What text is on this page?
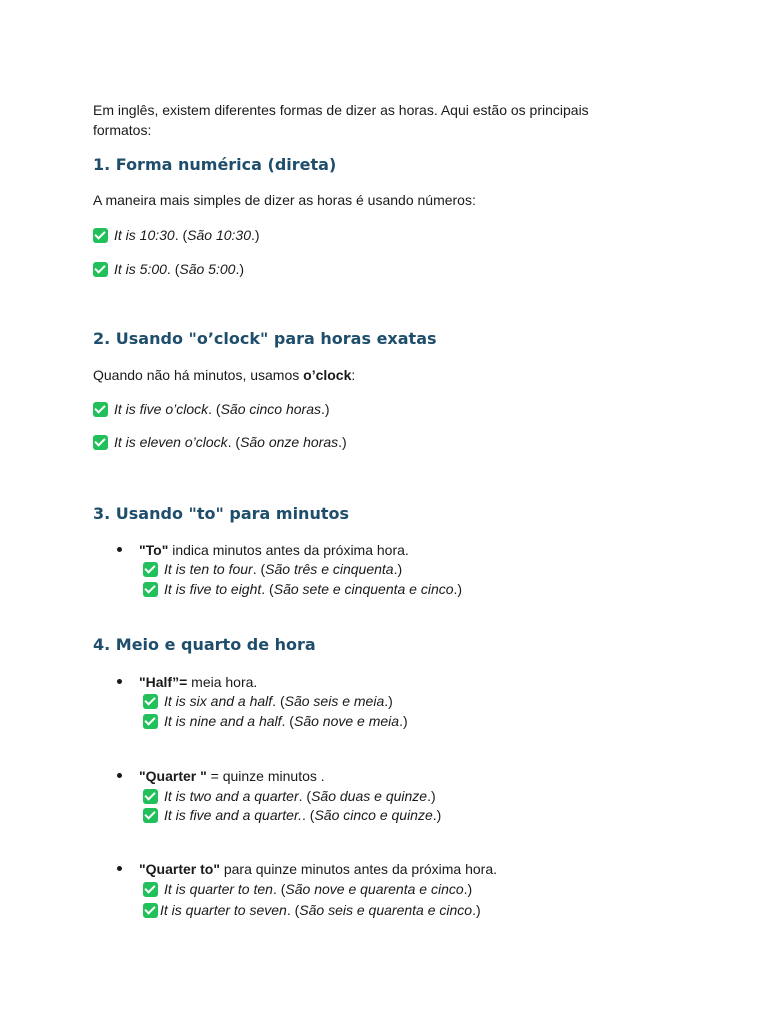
Em inglês, existem diferentes formas de dizer as horas. Aqui estão os principais

formatos:

1. Forma numérica (direta)

A maneira mais simples de dizer as horas é usando números:

It is 10:30 . ( São 10:30 .)
It is 5:00 . ( São 5:00 .)
2. Usando "o’clock" para horas exatas

Quando não há minutos, usamos o’clock:

It is five o’clock . ( São cinco horas .)
It is eleven o’clock . ( São onze horas .)
3. Usando "to" para minutos

"To" indica minutos antes da próxima hora.

It is ten to four . ( São três e cinquenta .)
It is five to eight . ( São sete e cinquenta e cinco .)
4. Meio e quarto de hora

"Half”= meia hora.

It is six and a half . ( São seis e meia .)
It is nine and a half . ( São nove e meia .)

"Quarter " = quinze minutos .

It is two and a quarter . ( São duas e quinze .)
It is five and a quarter. . ( São cinco e quinze .)

"Quarter to" para quinze minutos antes da próxima hora.

It is quarter to ten . ( São nove e quarenta e cinco .)
It is quarter to seven . ( São seis e quarenta e cinco .)
